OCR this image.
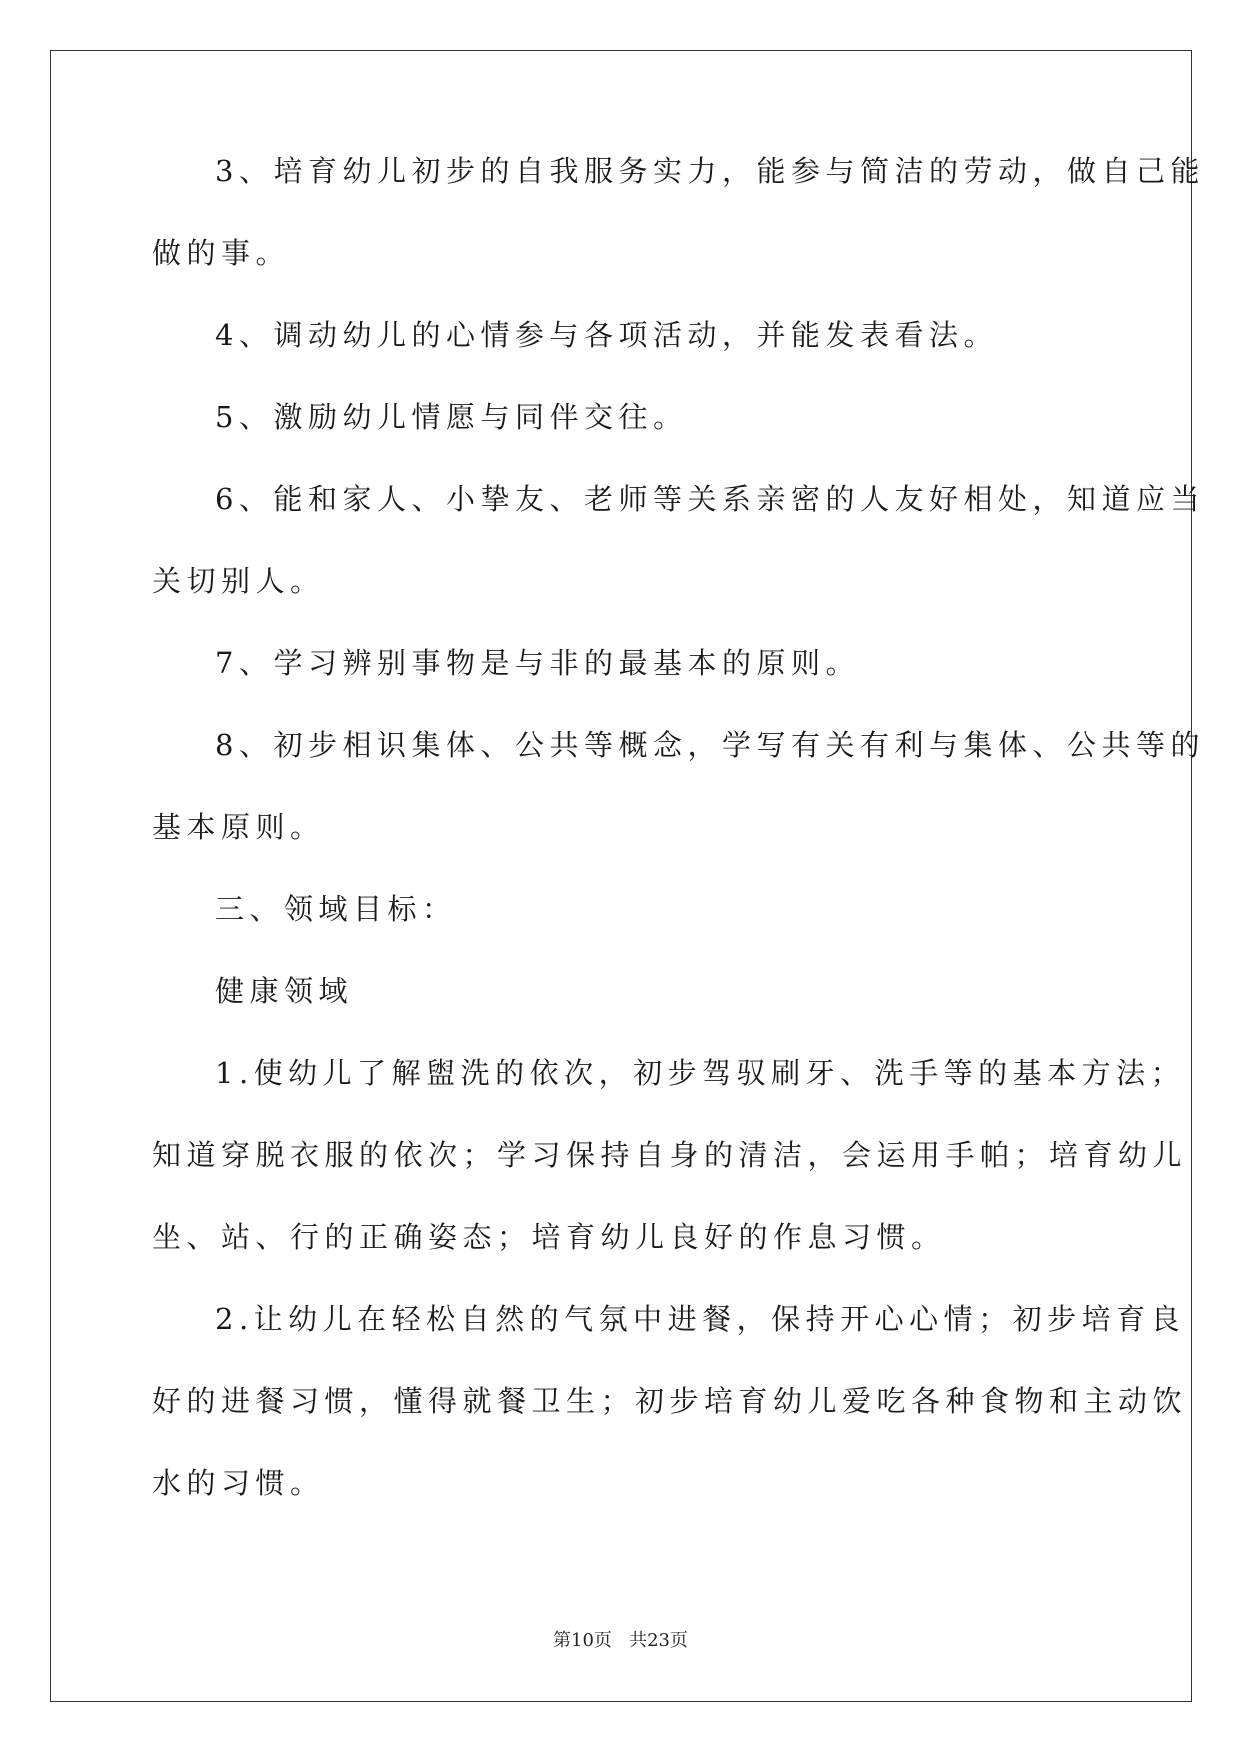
3、培育幼儿初步的自我服务实力，能参与简洁的劳动，做自己能

做的事。

4、调动幼儿的心情参与各项活动，并能发表看法。

5、激励幼儿情愿与同伴交往。

6、能和家人、小挚友、老师等关系亲密的人友好相处，知道应当

关切别人。

7、学习辨别事物是与非的最基本的原则。

8、初步相识集体、公共等概念，学写有关有利与集体、公共等的

基本原则。

三、领域目标：

健康领域

1.使幼儿了解盥洗的依次，初步驾驭刷牙、洗手等的基本方法；

知道穿脱衣服的依次；学习保持自身的清洁，会运用手帕；培育幼儿

坐、站、行的正确姿态；培育幼儿良好的作息习惯。

2.让幼儿在轻松自然的气氛中进餐，保持开心心情；初步培育良

好的进餐习惯，懂得就餐卫生；初步培育幼儿爱吃各种食物和主动饮

水的习惯。

第10页   共23页
